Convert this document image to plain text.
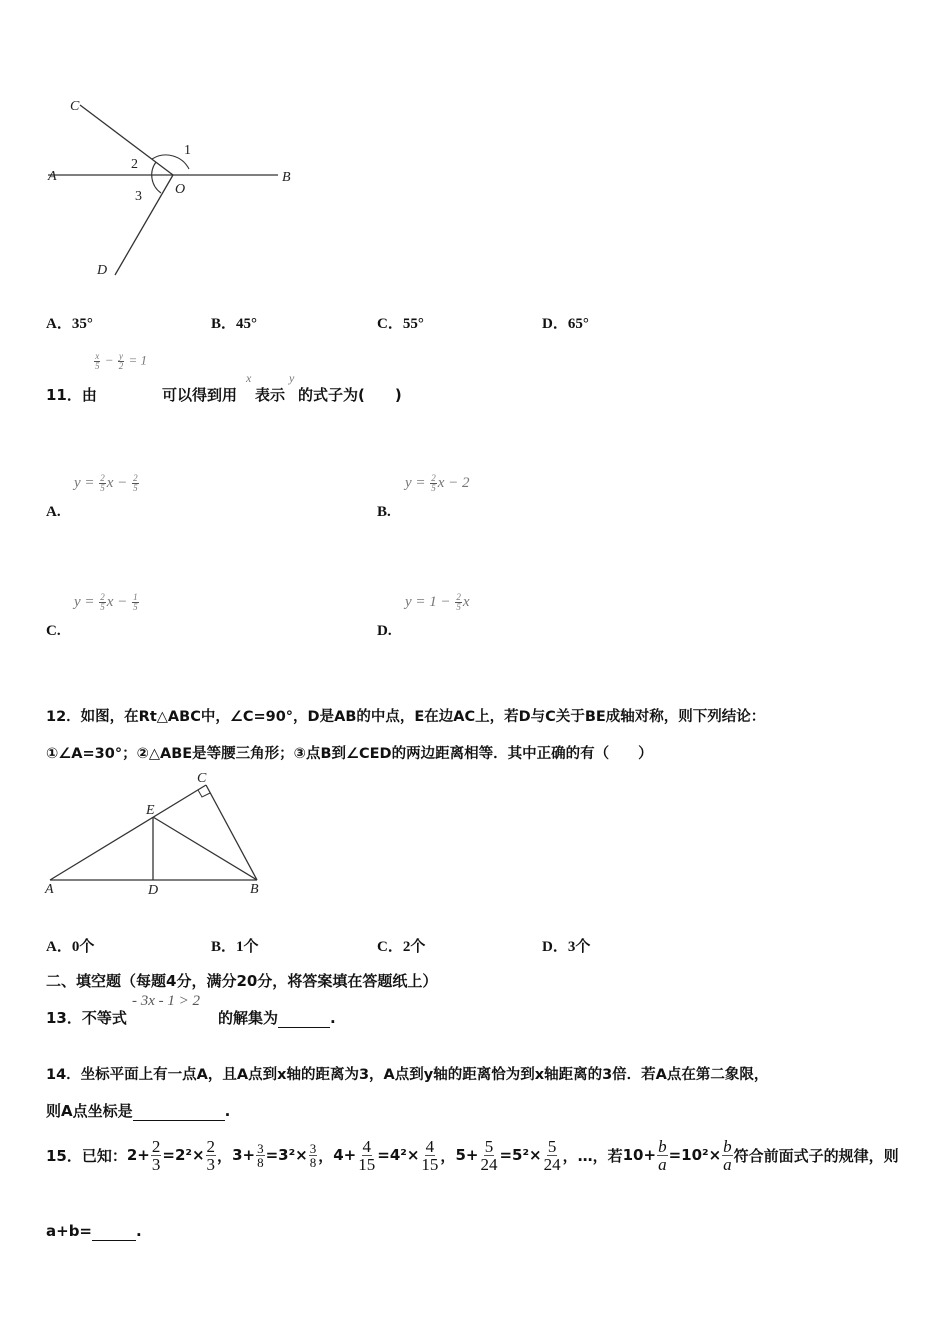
C
A
D
O
B
1
2
3
A．35°	B．45°	C．55°	D．65°
$\frac{x}{5} - \frac{y}{2} = 1$
11．由	可以得到用
x
表示
y
的式子为(　　)
$y = \frac{2}{5}$ $x - \frac{2}{5}$
A.
$y = \frac{2}{5}$ x − 2
B.
$y = \frac{2}{5}$ $x - \frac{1}{5}$
C.
$y = 1 - \frac{2}{5}$ x
D.
12．如图，在Rt△ABC中，∠C=90°，D是AB的中点，E在边AC上，若D与C关于BE成轴对称，则下列结论：
①∠A=30°；②△ABE是等腰三角形；③点B到∠CED的两边距离相等．其中正确的有（　　）
C
E
A	D	B
A．0个	B．1个	C．2个	D．3个
二、填空题（每题4分，满分20分，将答案填在答题纸上）
13．不等式
- 3x - 1 > 2
的解集为	.
14．坐标平面上有一点A，且A点到x轴的距离为3，A点到y轴的距离恰为到x轴距离的3倍．若A点在第二象限，
则A点坐标是	.
15．已知： $2+ \frac{2}{3} =2^2\times \frac{2}{3}$ ， $3+ \frac{3}{8} =3^2\times \frac{3}{8}$ ， $4+ \frac{4}{15} =4^2\times \frac{4}{15}$ ， $5+ \frac{5}{24} =5^2\times \frac{5}{24}$ ，…，若 $10+ \frac{b}{a} =10^2\times \frac{b}{a}$ 符合前面式子的规律，则
a+b=	.
